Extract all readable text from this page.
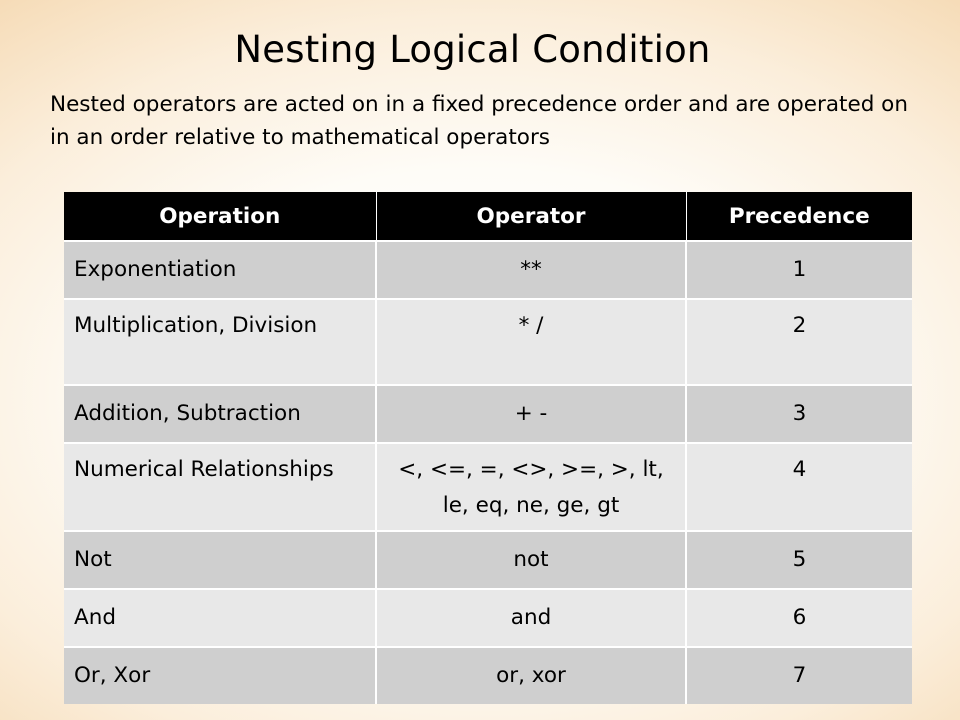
Nesting Logical Condition
Nested operators are acted on in a fixed precedence order and are operated on in an order relative to mathematical operators
Operation	Operator	Precedence
Exponentiation	**	1
Multiplication, Division	* /	2
Addition, Subtraction	+ -	3
Numerical Relationships	<, <=, =, <>, >=, >, lt, le, eq, ne, ge, gt	4
Not	not	5
And	and	6
Or, Xor	or, xor	7
